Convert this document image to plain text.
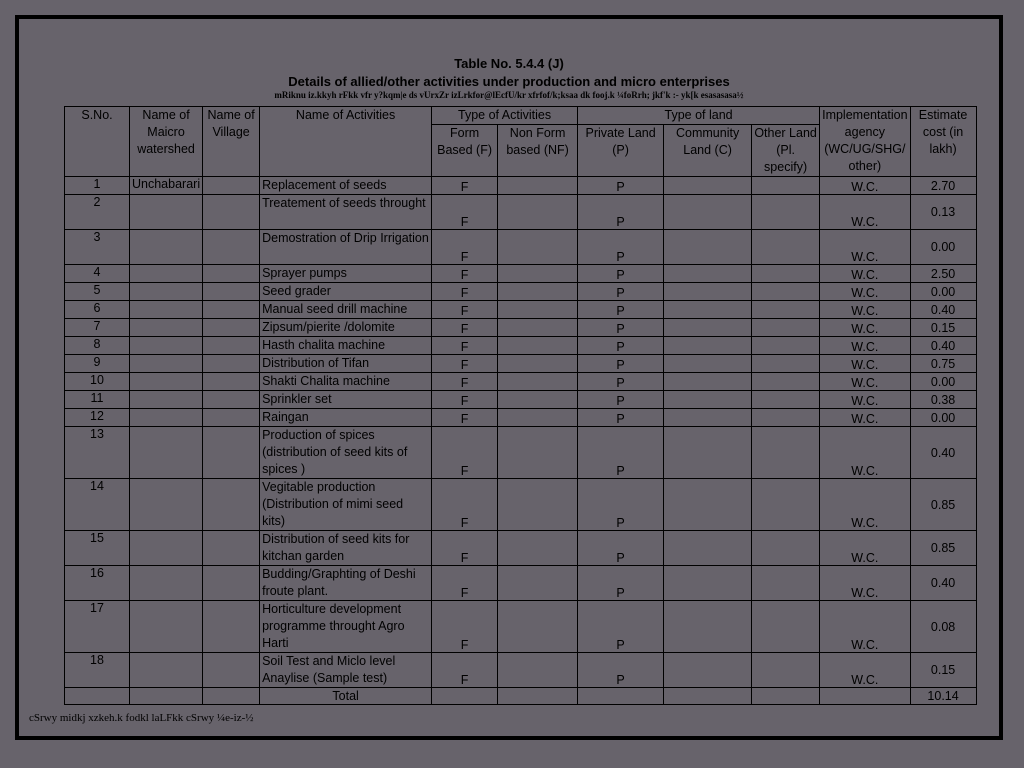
Table No. 5.4.4 (J)
Details of allied/other activities under production and micro enterprises
mRiknu iz.kkyh rFkk vfr y?kqm|e ds vUrxZr izLrkfor@lEcfU/kr xfrfof/k;ksaa dk fooj.k ¼foRrh; jkf'k :- yk[k esasasasa½
S.No.	Name of Maicro watershed	Name of Village	Name of Activities	Type of Activities		Type of land			Implementation agency (WC/UG/SHG/ other)	Estimate cost (in lakh)
				Form Based (F)	Non Form based (NF)	Private Land (P)	Community Land (C)	Other Land (Pl. specify)		
1	Unchabarari		Replacement of seeds	F		P			W.C.	2.70
2			Treatement of seeds throught	F		P			W.C.	0.13
3			Demostration of Drip Irrigation	F		P			W.C.	0.00
4			Sprayer pumps	F		P			W.C.	2.50
5			Seed grader	F		P			W.C.	0.00
6			Manual seed drill machine	F		P			W.C.	0.40
7			Zipsum/pierite /dolomite	F		P			W.C.	0.15
8			Hasth chalita machine	F		P			W.C.	0.40
9			Distribution of Tifan	F		P			W.C.	0.75
10			Shakti Chalita machine	F		P			W.C.	0.00
11			Sprinkler set	F		P			W.C.	0.38
12			Raingan	F		P			W.C.	0.00
13			Production of spices (distribution of seed kits of spices )	F		P			W.C.	0.40
14			Vegitable production (Distribution of mimi seed kits)	F		P			W.C.	0.85
15			Distribution of seed kits for kitchan garden	F		P			W.C.	0.85
16			Budding/Graphting of Deshi froute plant.	F		P			W.C.	0.40
17			Horticulture development programme throught Agro Harti	F		P			W.C.	0.08
18			Soil Test and Miclo level Anaylise (Sample test)	F		P			W.C.	0.15
			Total							10.14
cSrwy midkj xzkeh.k fodkl laLFkk cSrwy ¼e-iz-½
